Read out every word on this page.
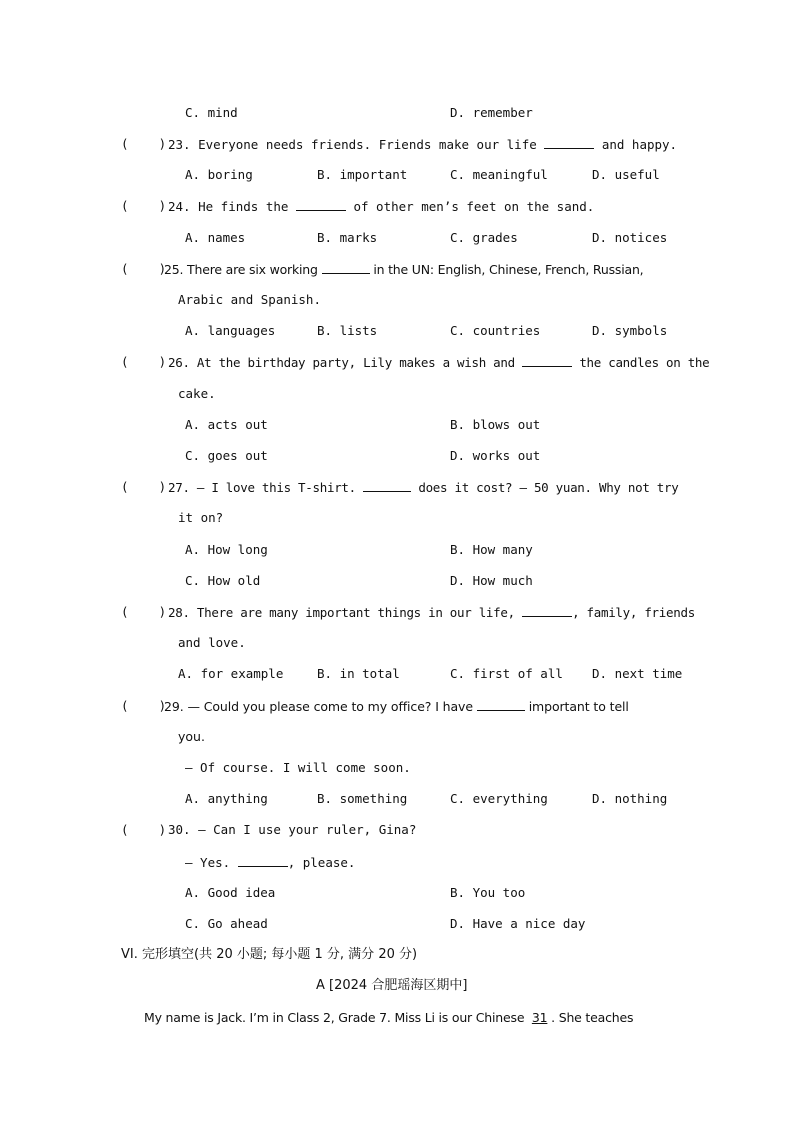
C. mind	D. remember
(    ) 23. Everyone needs friends. Friends make our life	and happy.
A. boring	B. important	C. meaningful	D. useful
(    ) 24. He finds the	of other men’s feet on the sand.
A. names	B. marks	C. grades	D. notices
(    )
25. There are six working	in the UN: English, Chinese, French, Russian,
Arabic and Spanish.
A. languages	B. lists	C. countries	D. symbols
(    ) 26. At the birthday party, Lily makes a wish and	the candles on the
cake.
A. acts out	B. blows out
C. goes out	D. works out
(    ) 27. — I love this T-shirt.	does it cost? — 50 yuan. Why not try
it on?
A. How long	B. How many
C. How old	D. How much
(    ) 28. There are many important things in our life,	, family, friends
and love.
A. for example	B. in total	C. first of all D. next time
(    )
29. — Could you please come to my office? I have	important to tell
you.
— Of course. I will come soon.
A. anything	B. something	C. everything	D. nothing
(    ) 30. — Can I use your ruler, Gina?
— Yes.	, please.
A. Good idea	B. You too
C. Go ahead	D. Have a nice day
VI. 完形填空(共 20 小题; 每小题 1 分, 满分 20 分)
A [2024 合肥瑶海区期中]
My name is Jack. I’m in Class 2, Grade 7. Miss Li is our Chinese 31 . She teaches
